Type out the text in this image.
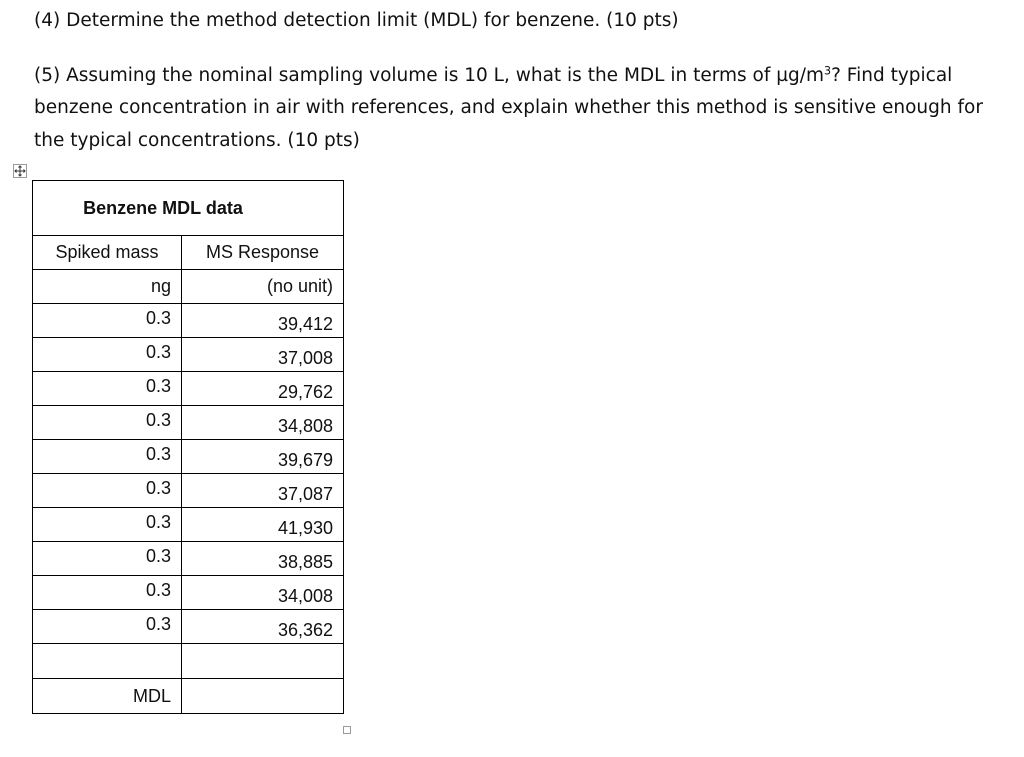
(4) Determine the method detection limit (MDL) for benzene. (10 pts)
(5) Assuming the nominal sampling volume is 10 L, what is the MDL in terms of $\mu g/m^3$? Find typical
benzene concentration in air with references, and explain whether this method is sensitive enough for
the typical concentrations. (10 pts)
Benzene MDL data	
Spiked mass	MS Response
ng	(no unit)
0.3	39,412
0.3	37,008
0.3	29,762
0.3	34,808
0.3	39,679
0.3	37,087
0.3	41,930
0.3	38,885
0.3	34,008
0.3	36,362

MDL	
